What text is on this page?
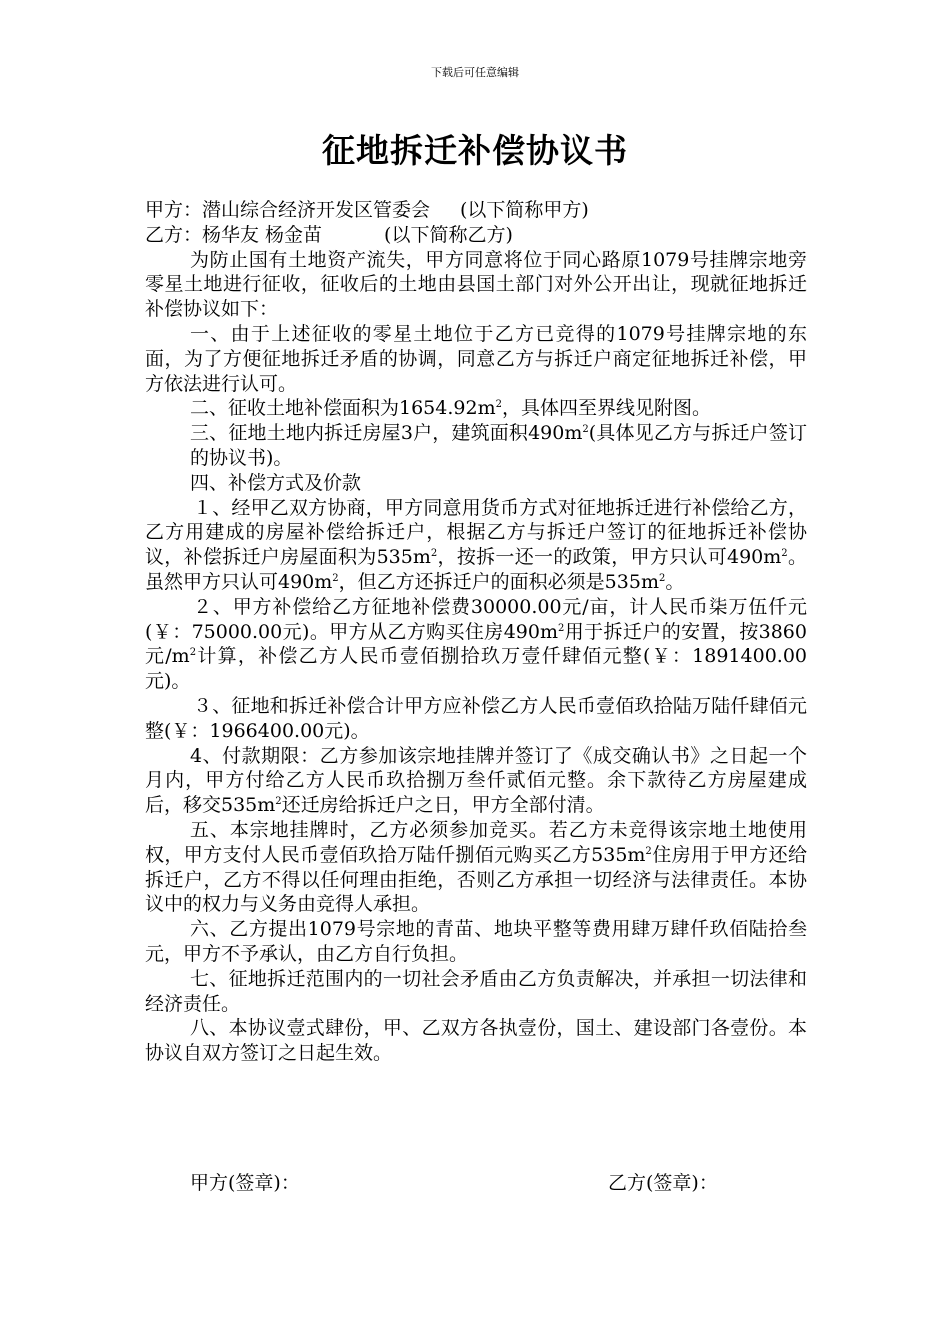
下载后可任意编辑
征地拆迁补偿协议书

甲方：潜山综合经济开发区管委会 (以下简称甲方)

乙方：杨华友 杨金苗	(以下简称乙方)

为防止国有土地资产流失，甲方同意将位于同心路原1079号挂牌宗地旁零星土地进行征收，征收后的土地由县国土部门对外公开出让，现就征地拆迁补偿协议如下：

一、由于上述征收的零星土地位于乙方已竞得的1079号挂牌宗地的东面，为了方便征地拆迁矛盾的协调，同意乙方与拆迁户商定征地拆迁补偿，甲方依法进行认可。

二、征收土地补偿面积为$1654.92m^2$，具体四至界线见附图。

三、征地土地内拆迁房屋3户，建筑面积$490m^2$(具体见乙方与拆迁户签订的协议书)。

四、补偿方式及价款

１、经甲乙双方协商，甲方同意用货币方式对征地拆迁进行补偿给乙方，乙方用建成的房屋补偿给拆迁户，根据乙方与拆迁户签订的征地拆迁补偿协议，补偿拆迁户房屋面积为$535m^2$，按拆一还一的政策，甲方只认可$490m^2$。虽然甲方只认可$490m^2$，但乙方还拆迁户的面积必须是$535m^2$。

２、甲方补偿给乙方征地补偿费30000.00元/亩，计人民币柒万伍仟元(￥：75000.00元)。甲方从乙方购买住房$490m^2$用于拆迁户的安置，按3860元$/m^2$计算，补偿乙方人民币壹佰捌拾玖万壹仟肆佰元整(￥：1891400.00元)。

３、征地和拆迁补偿合计甲方应补偿乙方人民币壹佰玖拾陆万陆仟肆佰元整(￥：1966400.00元)。

4、付款期限：乙方参加该宗地挂牌并签订了《成交确认书》之日起一个月内，甲方付给乙方人民币玖拾捌万叁仟贰佰元整。余下款待乙方房屋建成后，移交$535m^2$还迁房给拆迁户之日，甲方全部付清。

五、本宗地挂牌时，乙方必须参加竞买。若乙方未竞得该宗地土地使用权，甲方支付人民币壹佰玖拾万陆仟捌佰元购买乙方$535m^2$住房用于甲方还给拆迁户，乙方不得以任何理由拒绝，否则乙方承担一切经济与法律责任。本协议中的权力与义务由竞得人承担。

六、乙方提出1079号宗地的青苗、地块平整等费用肆万肆仟玖佰陆拾叁元，甲方不予承认，由乙方自行负担。

七、征地拆迁范围内的一切社会矛盾由乙方负责解决，并承担一切法律和经济责任。

八、本协议壹式肆份，甲、乙双方各执壹份，国土、建设部门各壹份。本协议自双方签订之日起生效。

甲方(签章)：	乙方(签章)：
